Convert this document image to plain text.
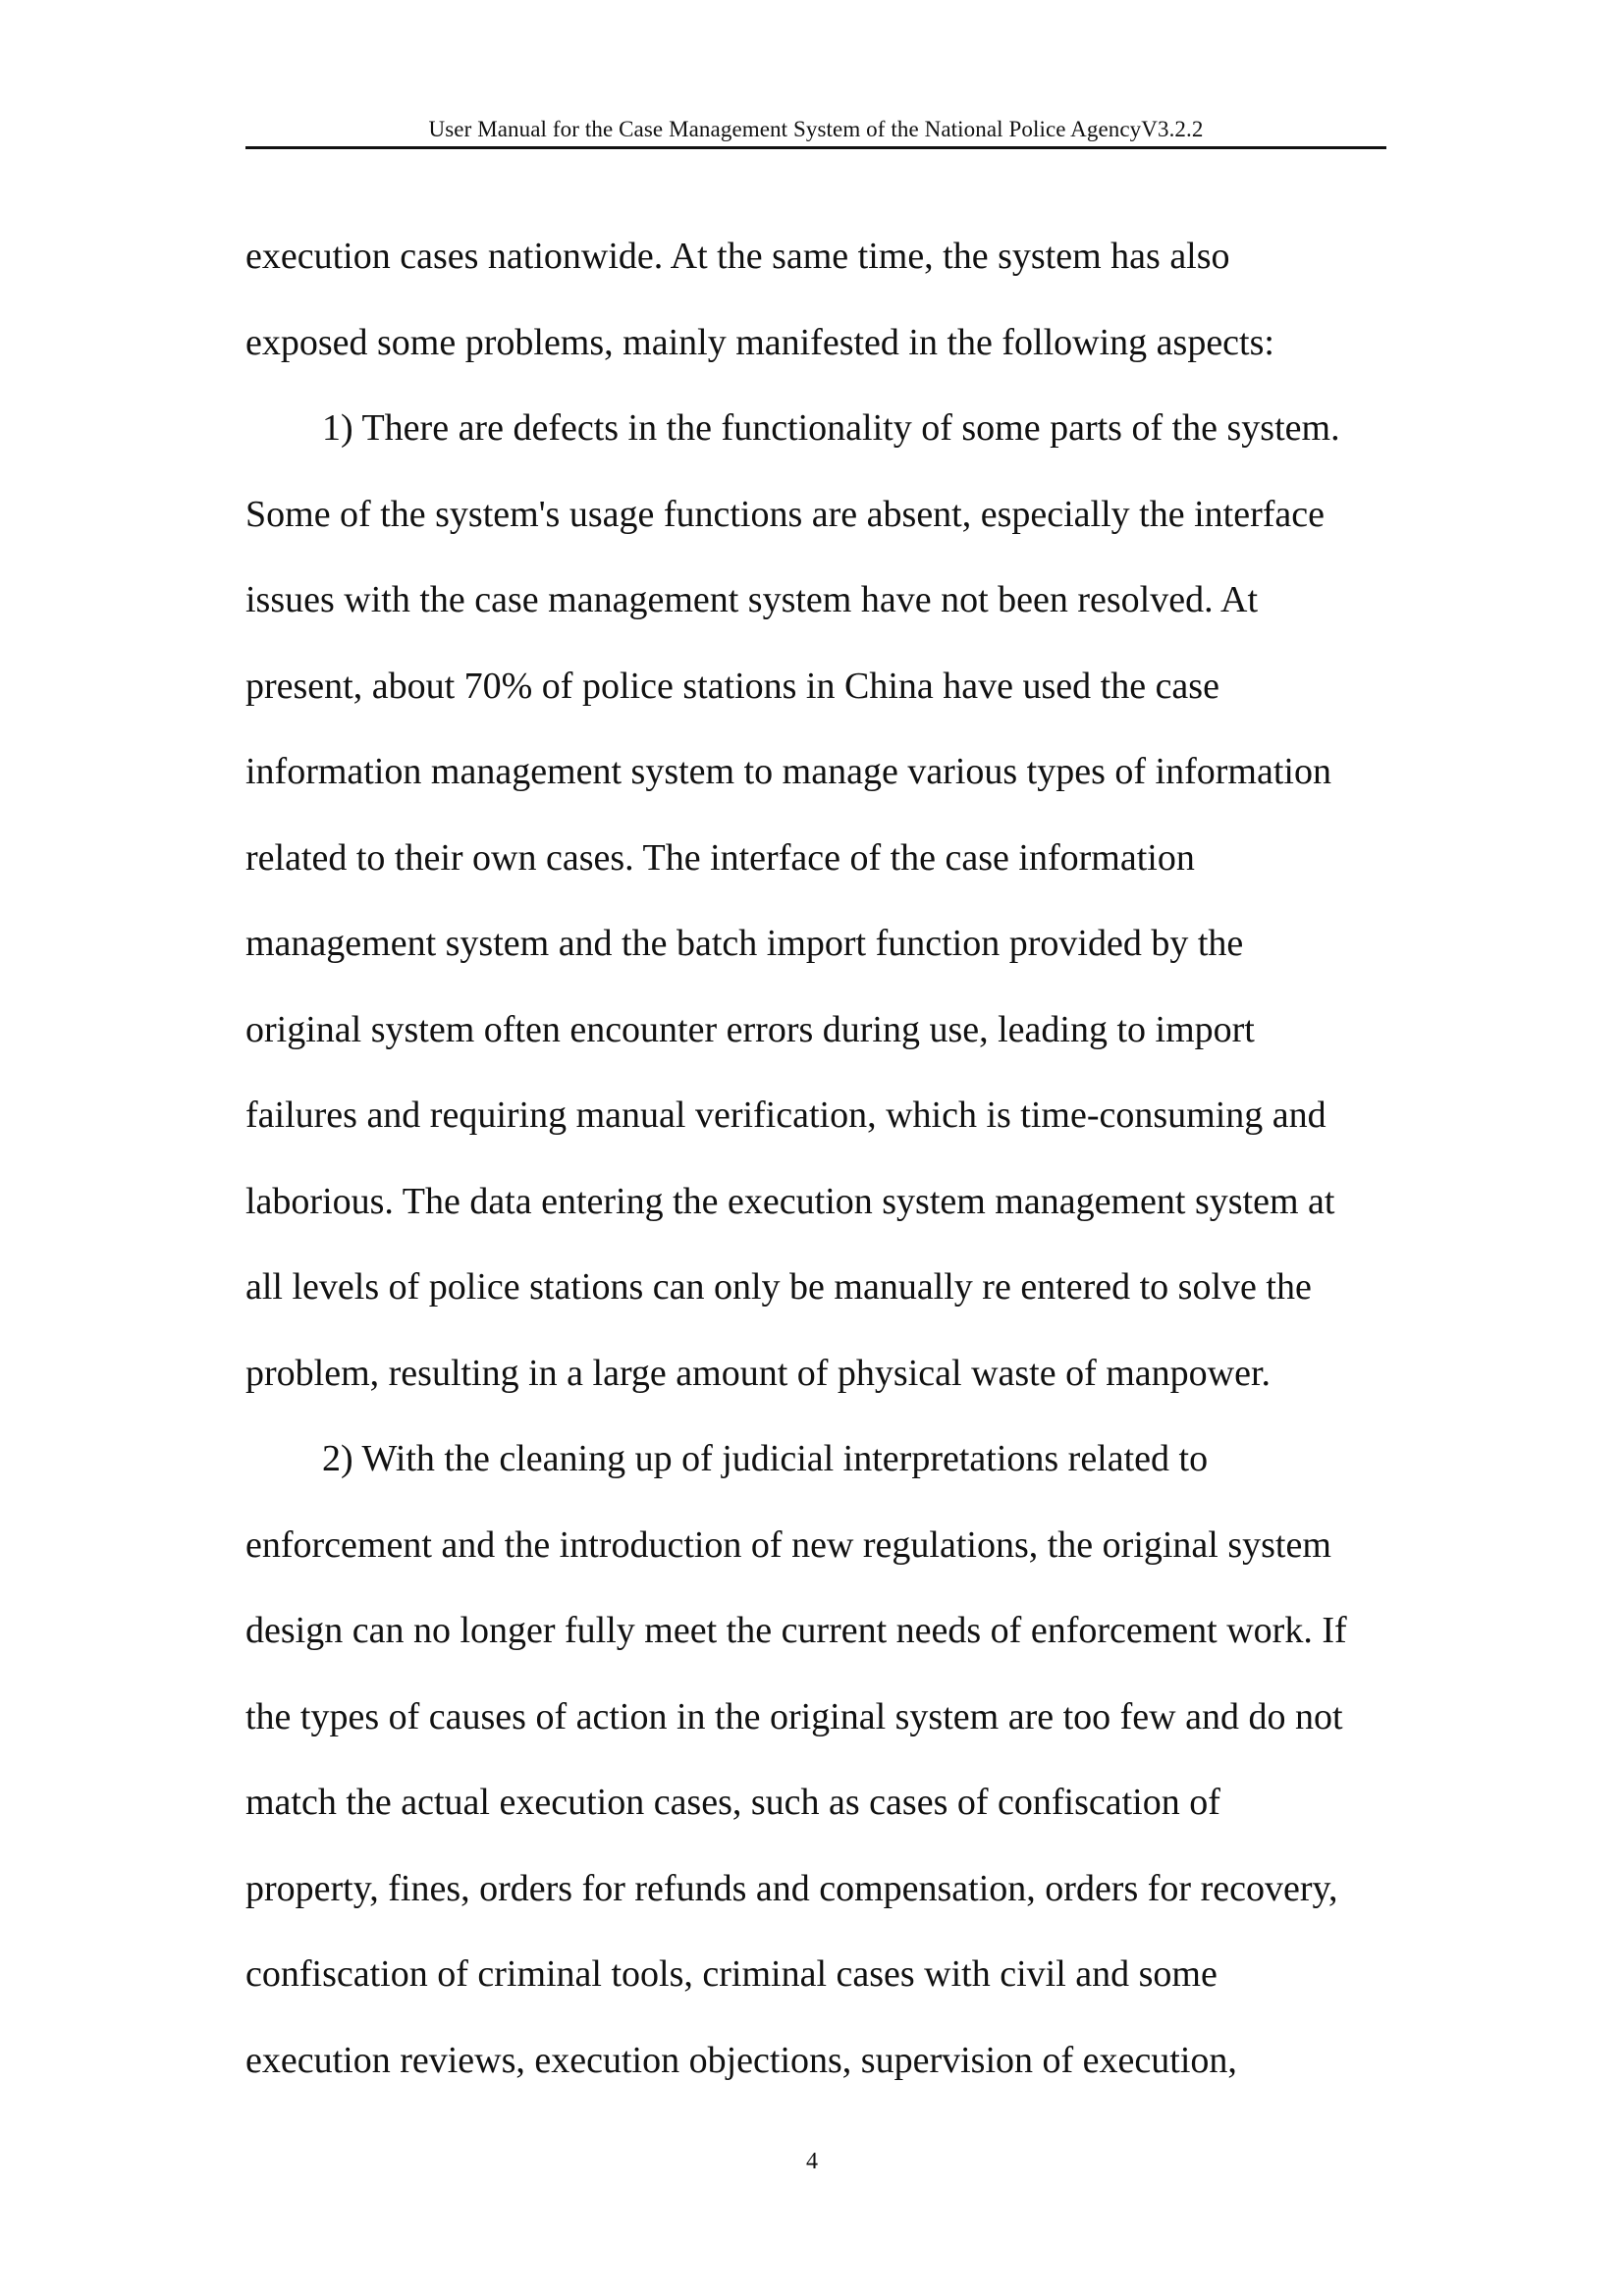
User Manual for the Case Management System of the National Police AgencyV3.2.2
execution cases nationwide. At the same time, the system has also
exposed some problems, mainly manifested in the following aspects:
1) There are defects in the functionality of some parts of the system.
Some of the system's usage functions are absent, especially the interface
issues with the case management system have not been resolved. At
present, about 70% of police stations in China have used the case
information management system to manage various types of information
related to their own cases. The interface of the case information
management system and the batch import function provided by the
original system often encounter errors during use, leading to import
failures and requiring manual verification, which is time-consuming and
laborious. The data entering the execution system management system at
all levels of police stations can only be manually re entered to solve the
problem, resulting in a large amount of physical waste of manpower.
2) With the cleaning up of judicial interpretations related to
enforcement and the introduction of new regulations, the original system
design can no longer fully meet the current needs of enforcement work. If
the types of causes of action in the original system are too few and do not
match the actual execution cases, such as cases of confiscation of
property, fines, orders for refunds and compensation, orders for recovery,
confiscation of criminal tools, criminal cases with civil and some
execution reviews, execution objections, supervision of execution,
4
